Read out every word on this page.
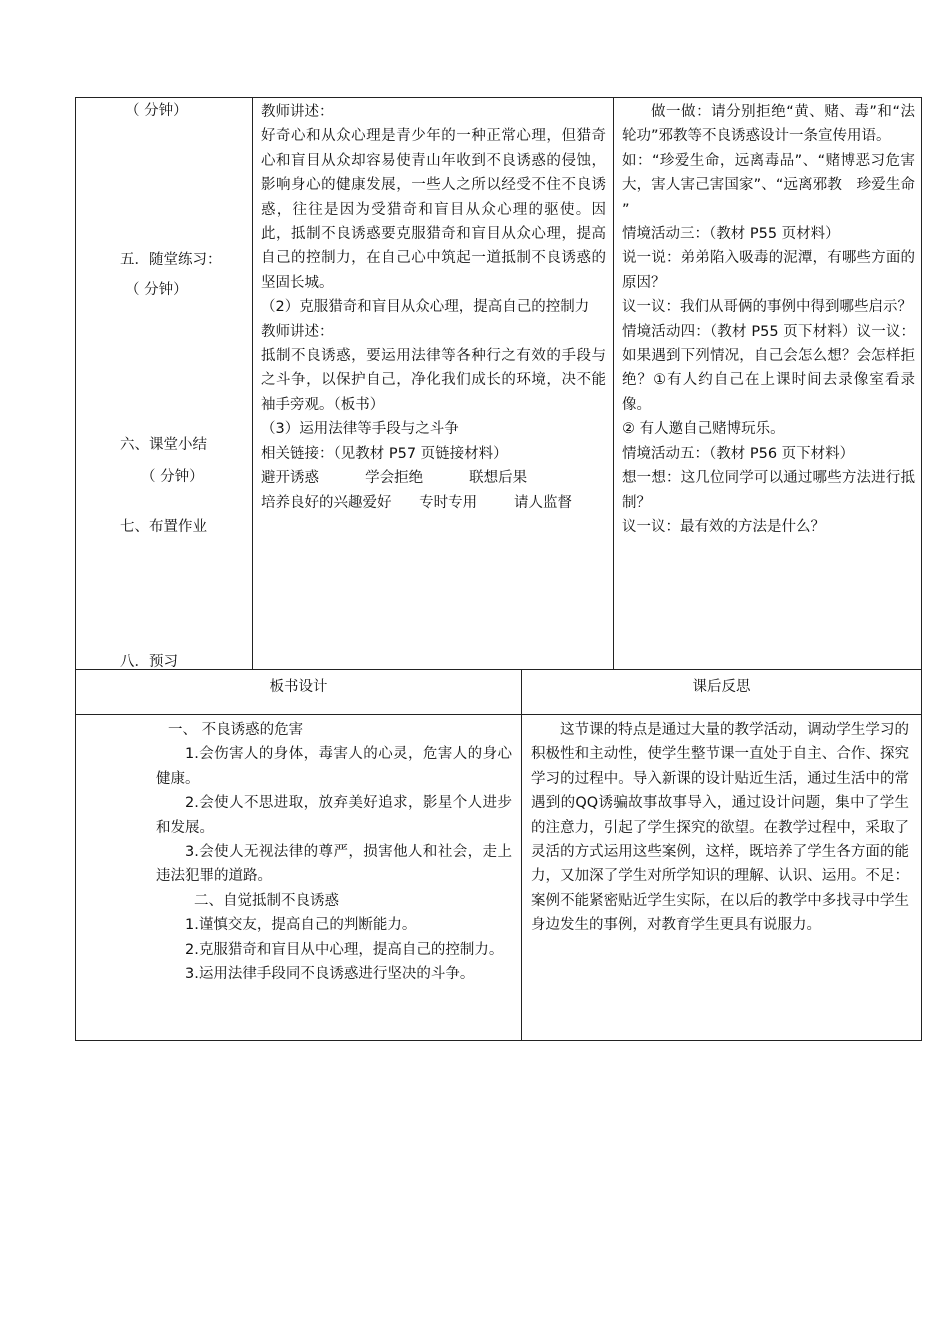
（ 分钟）

五．随堂练习：

（ 分钟）

六、课堂小结

（ 分钟）

七、布置作业

八．预习

教师讲述：

好奇心和从众心理是青少年的一种正常心理，但猎奇心和盲目从众却容易使青山年收到不良诱惑的侵蚀，影响身心的健康发展，一些人之所以经受不住不良诱惑，往往是因为受猎奇和盲目从众心理的驱使。因此，抵制不良诱惑要克服猎奇和盲目从众心理，提高自己的控制力，在自己心中筑起一道抵制不良诱惑的坚固长城。

（2）克服猎奇和盲目从众心理，提高自己的控制力

教师讲述：

抵制不良诱惑，要运用法律等各种行之有效的手段与之斗争，以保护自己，净化我们成长的环境，决不能袖手旁观。（板书）

（3）运用法律等手段与之斗争

相关链接：（见教材 P57 页链接材料）

避开诱惑          学会拒绝          联想后果

培养良好的兴趣爱好      专时专用        请人监督

做一做：请分别拒绝“黄、赌、毒”和“法轮功”邪教等不良诱惑设计一条宣传用语。

如：“珍爱生命，远离毒品”、“赌博恶习危害大，害人害己害国家”、“远离邪教　珍爱生命 ”

情境活动三：（教材 P55 页材料）

说一说：弟弟陷入吸毒的泥潭，有哪些方面的原因？

议一议：我们从哥俩的事例中得到哪些启示？

情境活动四：（教材 P55 页下材料）议一议：如果遇到下列情况，自己会怎么想？会怎样拒绝？①有人约自己在上课时间去录像室看录像。

② 有人邀自己赌博玩乐。

情境活动五：（教材 P56 页下材料）

想一想：这几位同学可以通过哪些方法进行抵制？

议一议：最有效的方法是什么？

板书设计	课后反思

一、 不良诱惑的危害

1.会伤害人的身体，毒害人的心灵，危害人的身心健康。

2.会使人不思进取，放弃美好追求，影星个人进步和发展。

3.会使人无视法律的尊严，损害他人和社会，走上违法犯罪的道路。

二、自觉抵制不良诱惑

1.谨慎交友，提高自己的判断能力。

2.克服猎奇和盲目从中心理，提高自己的控制力。

3.运用法律手段同不良诱惑进行坚决的斗争。

这节课的特点是通过大量的教学活动，调动学生学习的积极性和主动性，使学生整节课一直处于自主、合作、探究学习的过程中。导入新课的设计贴近生活，通过生活中的常遇到的QQ诱骗故事故事导入，通过设计问题，集中了学生的注意力，引起了学生探究的欲望。在教学过程中，采取了灵活的方式运用这些案例，这样，既培养了学生各方面的能力，又加深了学生对所学知识的理解、认识、运用。不足：案例不能紧密贴近学生实际，在以后的教学中多找寻中学生身边发生的事例，对教育学生更具有说服力。
